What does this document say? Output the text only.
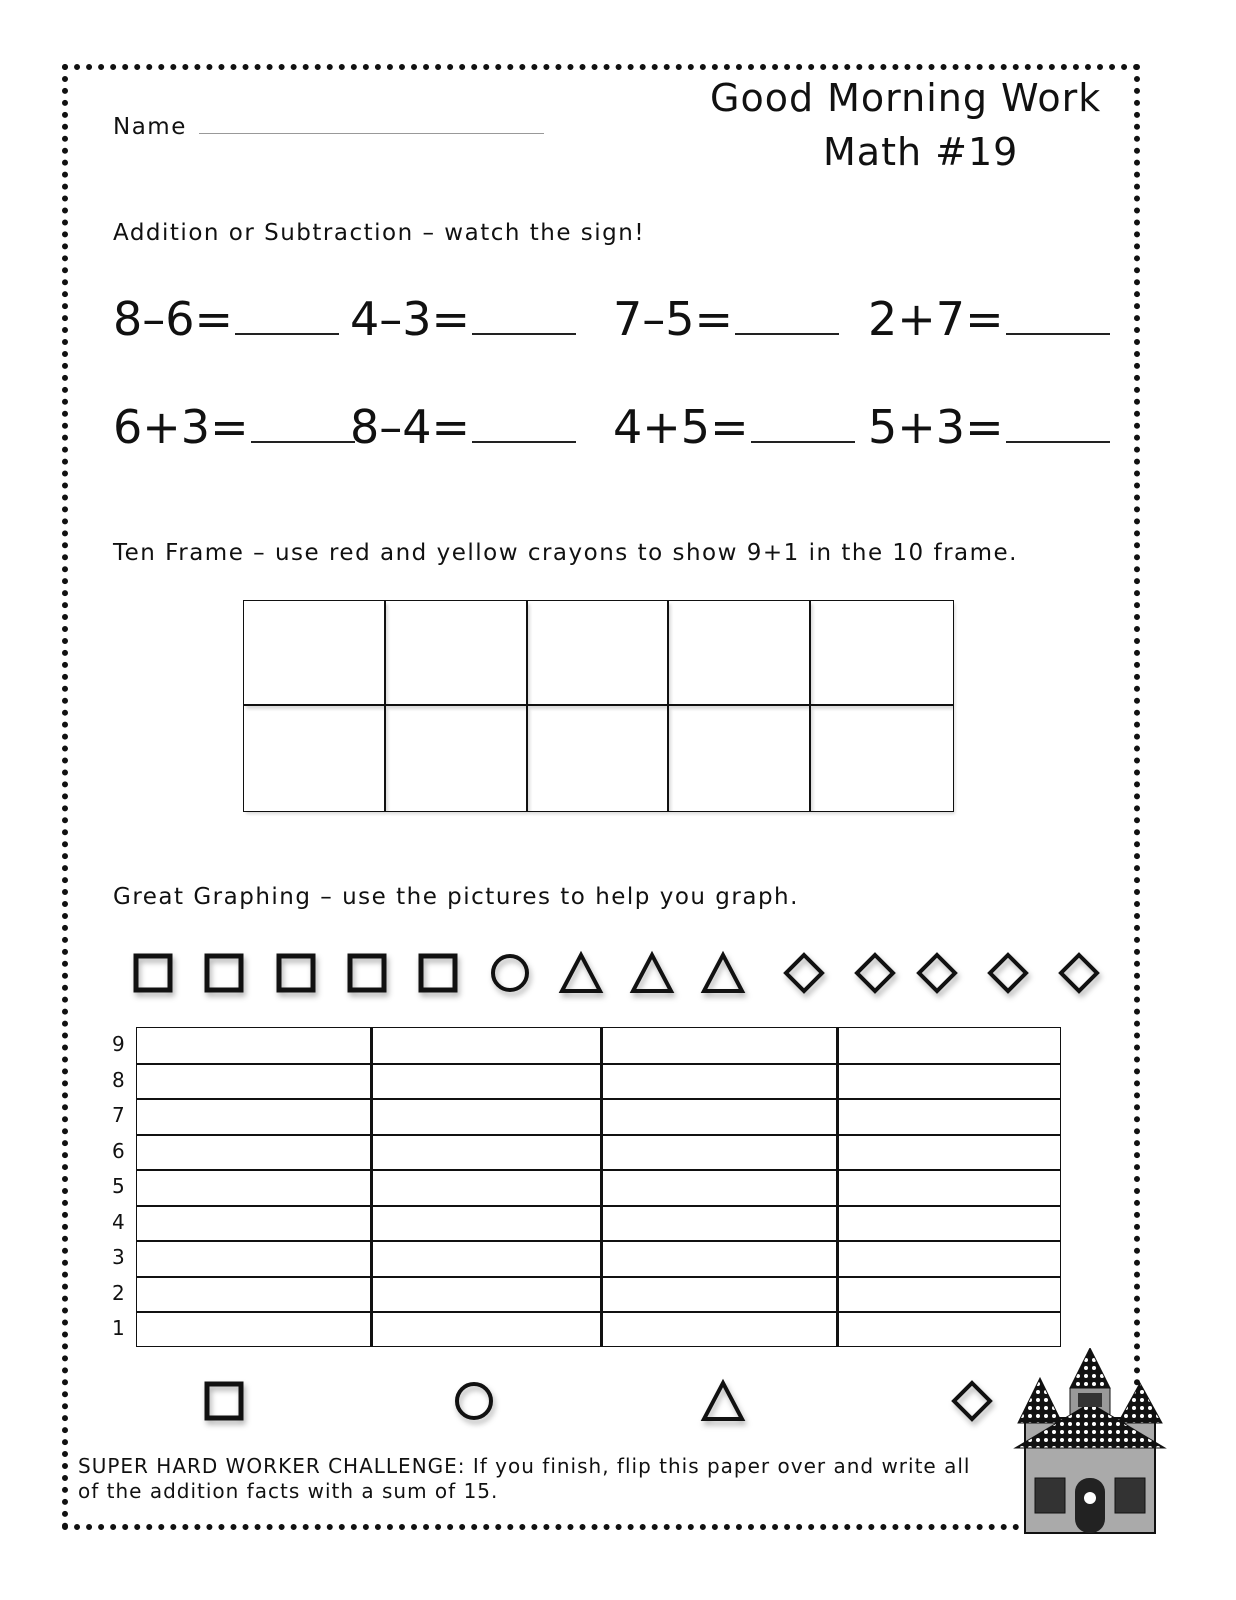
Name
Good Morning Work
Math #19
Addition or Subtraction – watch the sign!
8–6=	4–3=	7–5=	2+7=
6+3=	8–4=	4+5=	5+3=
Ten Frame – use red and yellow crayons to show 9+1 in the 10 frame.
Great Graphing – use the pictures to help you graph.
9
8
7
6
5
4
3
2
1
SUPER HARD WORKER CHALLENGE: If you finish, flip this paper over and write all
of the addition facts with a sum of 15.
